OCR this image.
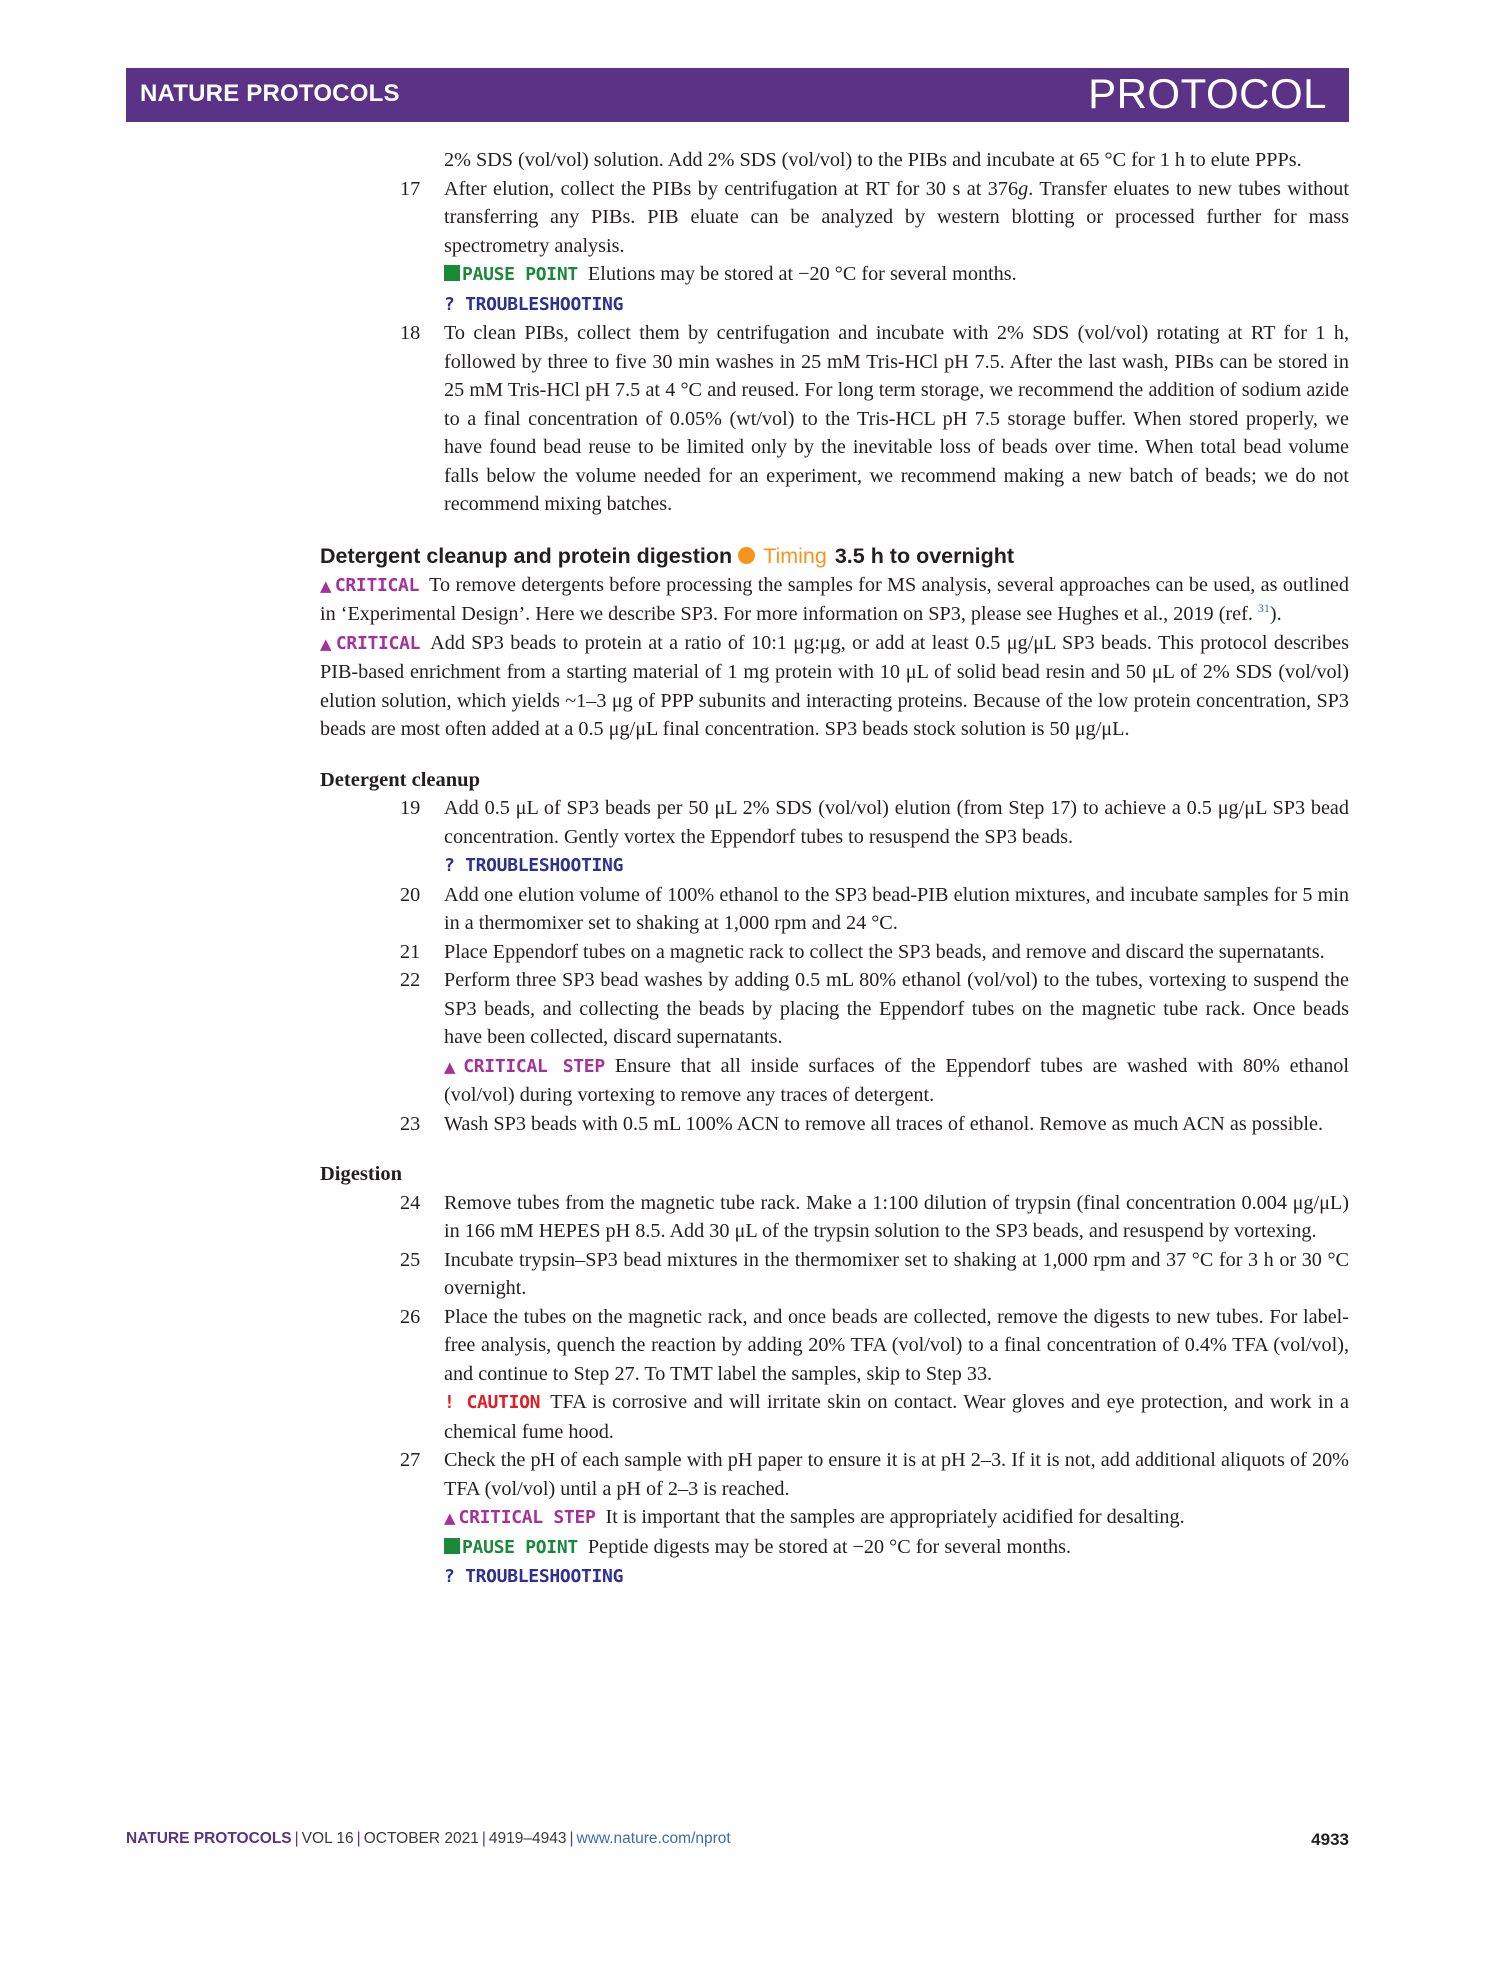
NATURE PROTOCOLS	PROTOCOL

2% SDS (vol/vol) solution. Add 2% SDS (vol/vol) to the PIBs and incubate at 65 °C for 1 h to elute PPPs.

17 After elution, collect the PIBs by centrifugation at RT for 30 s at 376g. Transfer eluates to new tubes without transferring any PIBs. PIB eluate can be analyzed by western blotting or processed further for mass spectrometry analysis.

PAUSE POINT Elutions may be stored at −20 °C for several months.
? TROUBLESHOOTING
18 To clean PIBs, collect them by centrifugation and incubate with 2% SDS (vol/vol) rotating at RT for 1 h, followed by three to five 30 min washes in 25 mM Tris-HCl pH 7.5. After the last wash, PIBs can be stored in 25 mM Tris-HCl pH 7.5 at 4 °C and reused. For long term storage, we recommend the addition of sodium azide to a final concentration of 0.05% (wt/vol) to the Tris-HCL pH 7.5 storage buffer. When stored properly, we have found bead reuse to be limited only by the inevitable loss of beads over time. When total bead volume falls below the volume needed for an experiment, we recommend making a new batch of beads; we do not recommend mixing batches.

Detergent cleanup and protein digestion Timing 3.5 h to overnight

▲ CRITICAL To remove detergents before processing the samples for MS analysis, several approaches can be used, as outlined in ‘Experimental Design’. Here we describe SP3. For more information on SP3, please see Hughes et al., 2019 (ref. $^{31}$).

▲ CRITICAL Add SP3 beads to protein at a ratio of 10:1 μg:μg, or add at least 0.5 μg/μL SP3 beads. This protocol describes PIB-based enrichment from a starting material of 1 mg protein with 10 μL of solid bead resin and 50 μL of 2% SDS (vol/vol) elution solution, which yields ~1–3 μg of PPP subunits and interacting proteins. Because of the low protein concentration, SP3 beads are most often added at a 0.5 μg/μL final concentration. SP3 beads stock solution is 50 μg/μL.

Detergent cleanup
19 Add 0.5 μL of SP3 beads per 50 μL 2% SDS (vol/vol) elution (from Step 17) to achieve a 0.5 μg/μL SP3 bead concentration. Gently vortex the Eppendorf tubes to resuspend the SP3 beads.

? TROUBLESHOOTING
20 Add one elution volume of 100% ethanol to the SP3 bead-PIB elution mixtures, and incubate samples for 5 min in a thermomixer set to shaking at 1,000 rpm and 24 °C.

21 Place Eppendorf tubes on a magnetic rack to collect the SP3 beads, and remove and discard the supernatants.

22 Perform three SP3 bead washes by adding 0.5 mL 80% ethanol (vol/vol) to the tubes, vortexing to suspend the SP3 beads, and collecting the beads by placing the Eppendorf tubes on the magnetic tube rack. Once beads have been collected, discard supernatants.

▲ CRITICAL STEP Ensure that all inside surfaces of the Eppendorf tubes are washed with 80% ethanol (vol/vol) during vortexing to remove any traces of detergent.

23 Wash SP3 beads with 0.5 mL 100% ACN to remove all traces of ethanol. Remove as much ACN as possible.

Digestion
24 Remove tubes from the magnetic tube rack. Make a 1:100 dilution of trypsin (final concentration 0.004 μg/μL) in 166 mM HEPES pH 8.5. Add 30 μL of the trypsin solution to the SP3 beads, and resuspend by vortexing.

25 Incubate trypsin–SP3 bead mixtures in the thermomixer set to shaking at 1,000 rpm and 37 °C for 3 h or 30 °C overnight.

26 Place the tubes on the magnetic rack, and once beads are collected, remove the digests to new tubes. For label-free analysis, quench the reaction by adding 20% TFA (vol/vol) to a final concentration of 0.4% TFA (vol/vol), and continue to Step 27. To TMT label the samples, skip to Step 33.

! CAUTION TFA is corrosive and will irritate skin on contact. Wear gloves and eye protection, and work in a chemical fume hood.

27 Check the pH of each sample with pH paper to ensure it is at pH 2–3. If it is not, add additional aliquots of 20% TFA (vol/vol) until a pH of 2–3 is reached.

▲ CRITICAL STEP It is important that the samples are appropriately acidified for desalting.

PAUSE POINT Peptide digests may be stored at −20 °C for several months.
? TROUBLESHOOTING
NATURE PROTOCOLS | VOL 16 | OCTOBER 2021 | 4919–4943 | www.nature.com/nprot	4933
